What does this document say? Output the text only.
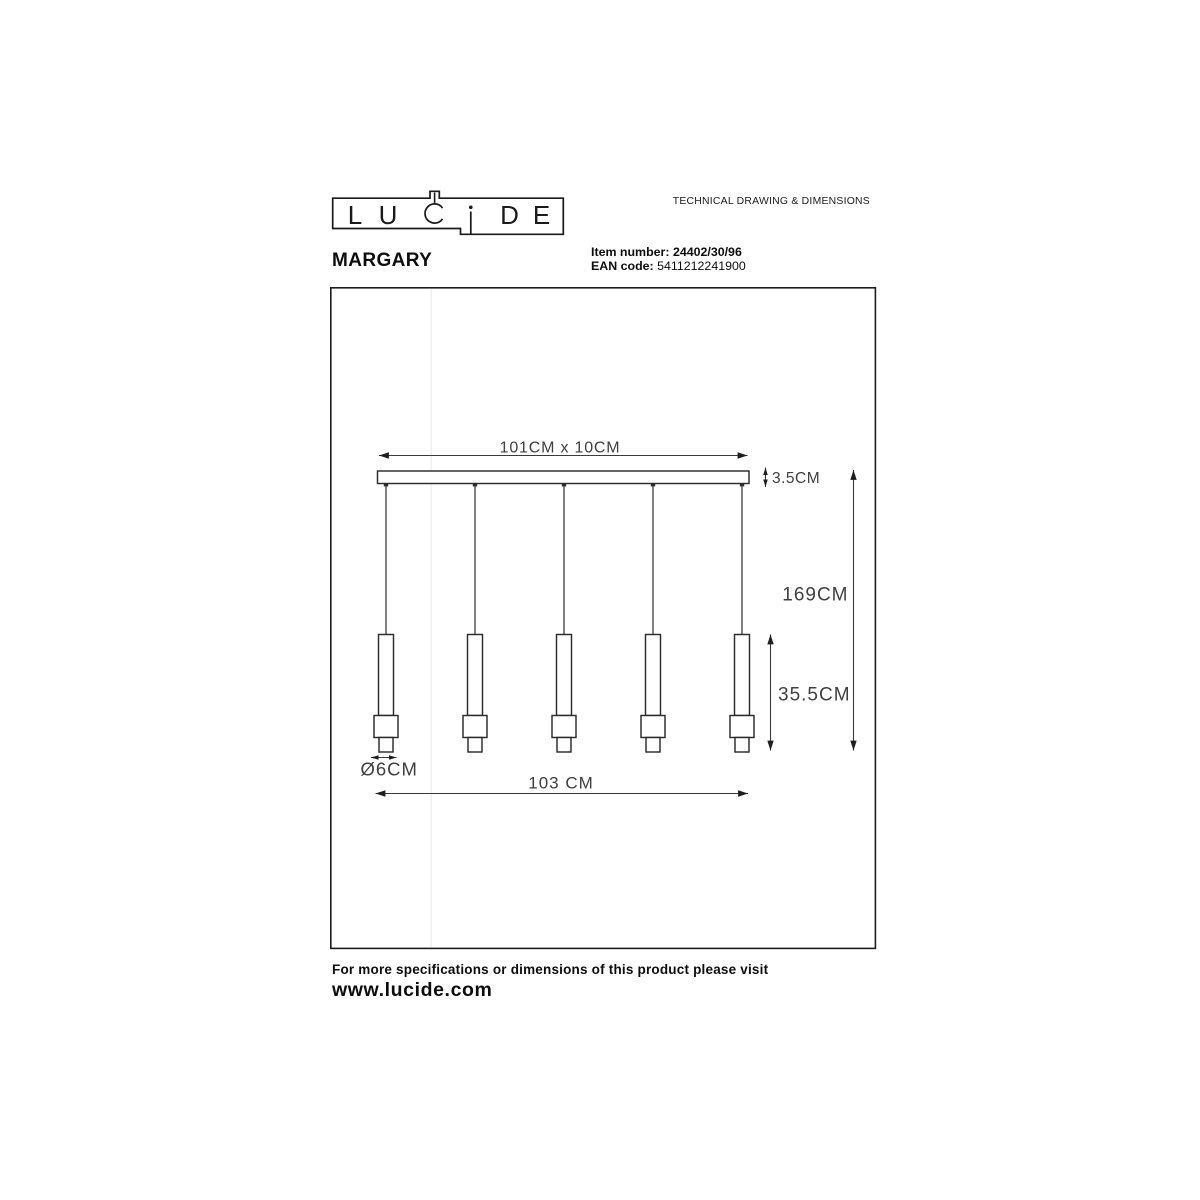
L U	D E	TECHNICAL DRAWING & DIMENSIONS
MARGARY	Item number: 24402/30/96
EAN code: 5411212241900
101CM x 10CM
3.5CM
169CM
35.5CM
Ø6CM
103 CM
For more specifications or dimensions of this product please visit
www.lucide.com
